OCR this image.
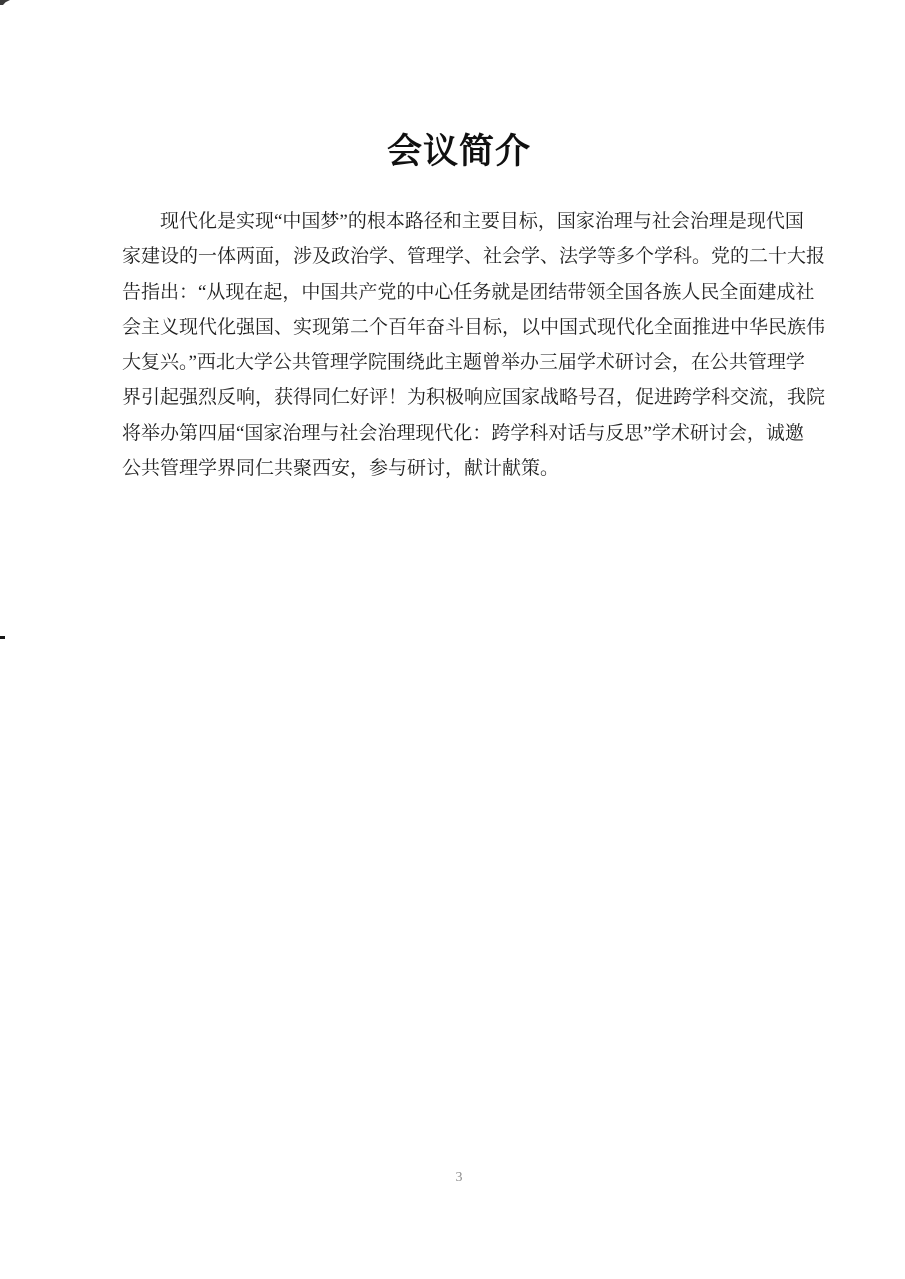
会议简介
现代化是实现“中国梦”的根本路径和主要目标，国家治理与社会治理是现代国
家建设的一体两面，涉及政治学、管理学、社会学、法学等多个学科。党的二十大报
告指出：“从现在起，中国共产党的中心任务就是团结带领全国各族人民全面建成社
会主义现代化强国、实现第二个百年奋斗目标，以中国式现代化全面推进中华民族伟
大复兴。”西北大学公共管理学院围绕此主题曾举办三届学术研讨会，在公共管理学
界引起强烈反响，获得同仁好评！为积极响应国家战略号召，促进跨学科交流，我院
将举办第四届“国家治理与社会治理现代化：跨学科对话与反思”学术研讨会，诚邀
公共管理学界同仁共聚西安，参与研讨，献计献策。
3
